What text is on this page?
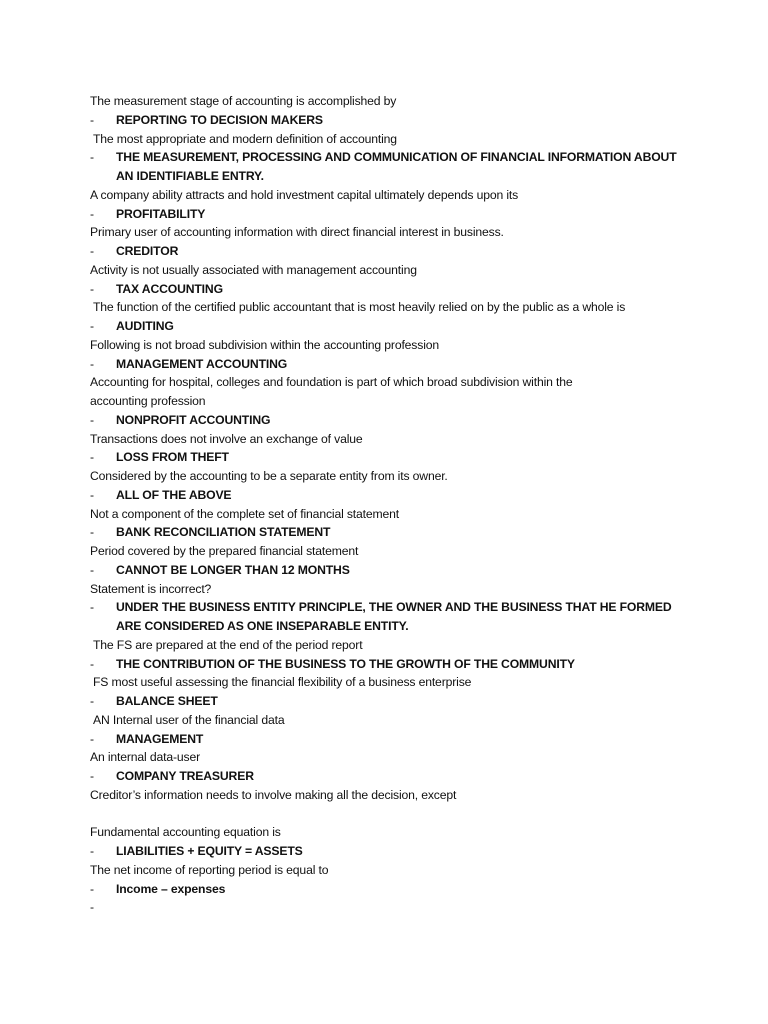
The measurement stage of accounting is accomplished by
-	REPORTING TO DECISION MAKERS
The most appropriate and modern definition of accounting
-	THE MEASUREMENT, PROCESSING AND COMMUNICATION OF FINANCIAL INFORMATION ABOUT AN IDENTIFIABLE ENTRY.
A company ability attracts and hold investment capital ultimately depends upon its
-	PROFITABILITY
Primary user of accounting information with direct financial interest in business.
-	CREDITOR
Activity is not usually associated with management accounting
-	TAX ACCOUNTING
The function of the certified public accountant that is most heavily relied on by the public as a whole is
-	AUDITING
Following is not broad subdivision within the accounting profession
-	MANAGEMENT ACCOUNTING
Accounting for hospital, colleges and foundation is part of which broad subdivision within the
accounting profession
-	NONPROFIT ACCOUNTING
Transactions does not involve an exchange of value
-	LOSS FROM THEFT
Considered by the accounting to be a separate entity from its owner.
-	ALL OF THE ABOVE
Not a component of the complete set of financial statement
-	BANK RECONCILIATION STATEMENT
Period covered by the prepared financial statement
-	CANNOT BE LONGER THAN 12 MONTHS
Statement is incorrect?
-	UNDER THE BUSINESS ENTITY PRINCIPLE, THE OWNER AND THE BUSINESS THAT HE FORMED ARE CONSIDERED AS ONE INSEPARABLE ENTITY.
The FS are prepared at the end of the period report
-	THE CONTRIBUTION OF THE BUSINESS TO THE GROWTH OF THE COMMUNITY
FS most useful assessing the financial flexibility of a business enterprise
-	BALANCE SHEET
AN Internal user of the financial data
-	MANAGEMENT
An internal data-user
-	COMPANY TREASURER
Creditor’s information needs to involve making all the decision, except
Fundamental accounting equation is
-	LIABILITIES + EQUITY = ASSETS
The net income of reporting period is equal to
-	Income – expenses
-
